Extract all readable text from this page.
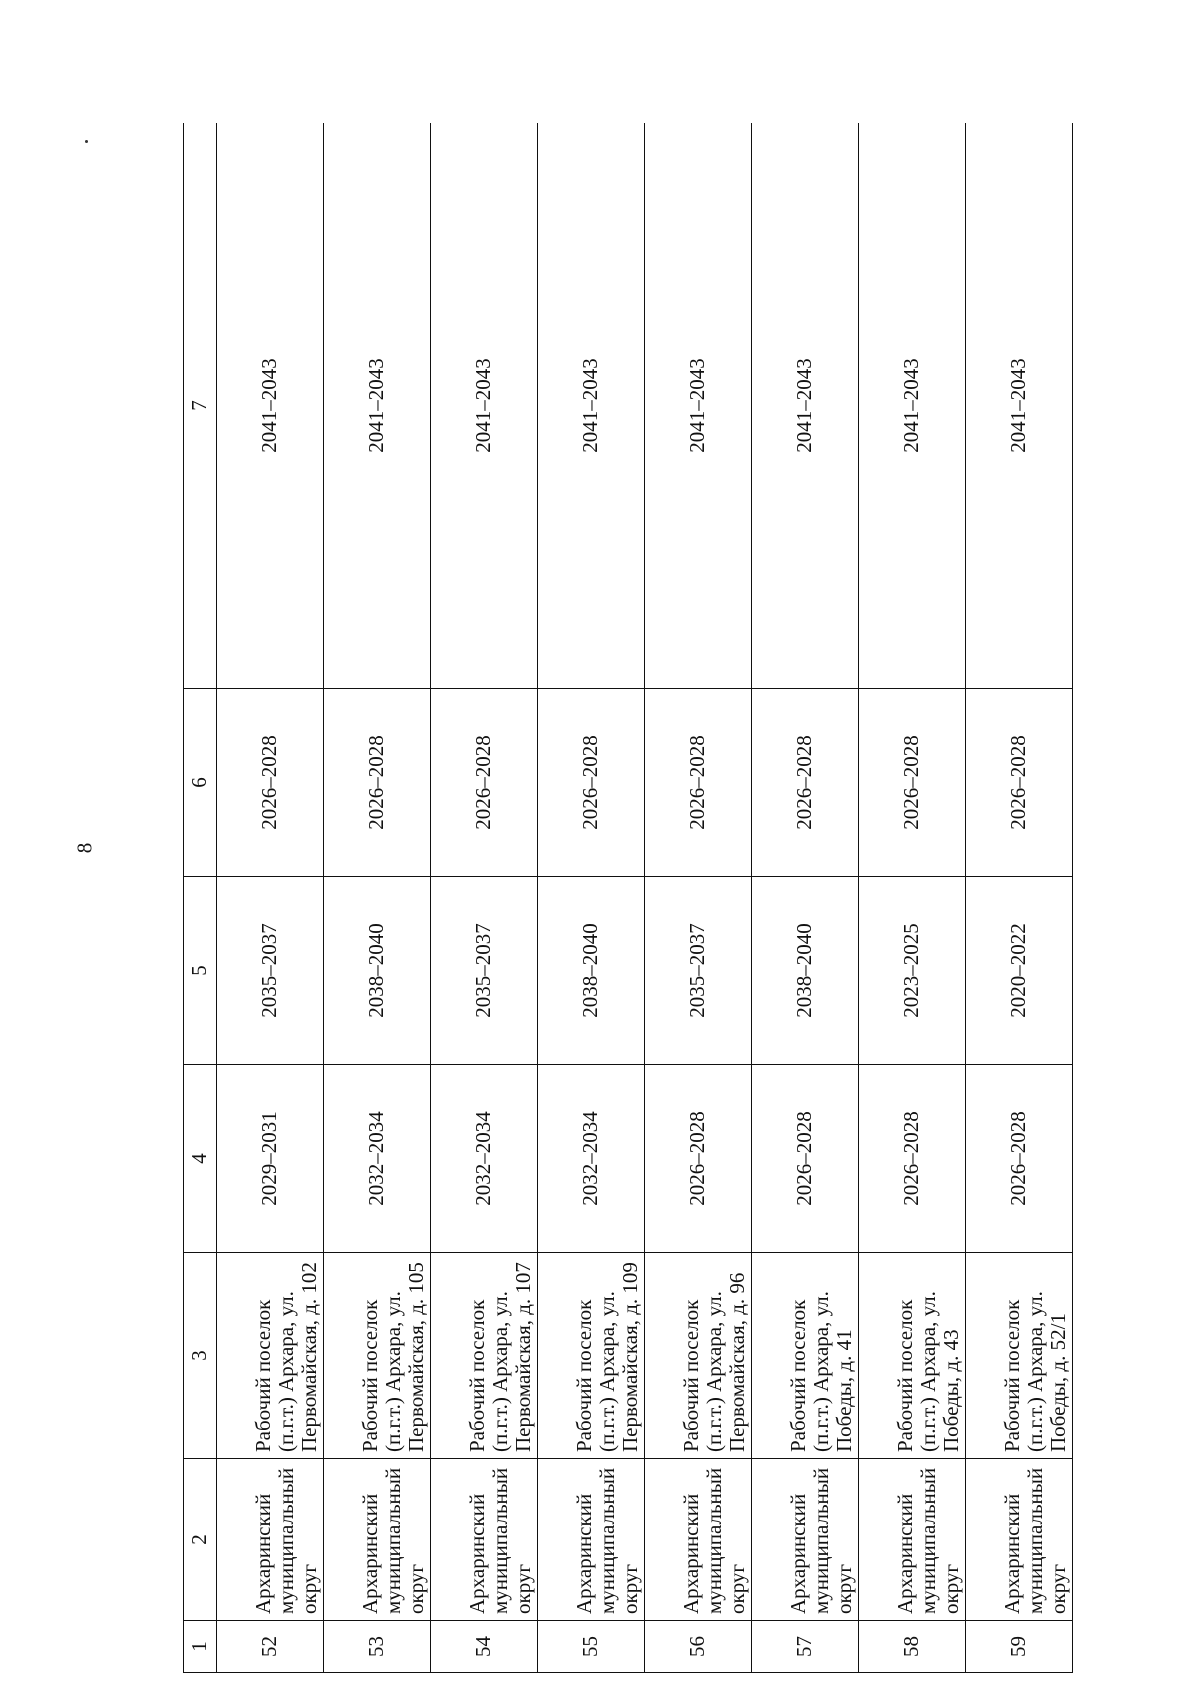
8
1	2	3	4	5	6	7
52	Архаринский муниципальный округ	Рабочий поселок (п.г.т.) Архара, ул. Первомайская, д. 102	2029–2031	2035–2037	2026–2028	2041–2043
53	Архаринский муниципальный округ	Рабочий поселок (п.г.т.) Архара, ул. Первомайская, д. 105	2032–2034	2038–2040	2026–2028	2041–2043
54	Архаринский муниципальный округ	Рабочий поселок (п.г.т.) Архара, ул. Первомайская, д. 107	2032–2034	2035–2037	2026–2028	2041–2043
55	Архаринский муниципальный округ	Рабочий поселок (п.г.т.) Архара, ул. Первомайская, д. 109	2032–2034	2038–2040	2026–2028	2041–2043
56	Архаринский муниципальный округ	Рабочий поселок (п.г.т.) Архара, ул. Первомайская, д. 96	2026–2028	2035–2037	2026–2028	2041–2043
57	Архаринский муниципальный округ	Рабочий поселок (п.г.т.) Архара, ул. Победы, д. 41	2026–2028	2038–2040	2026–2028	2041–2043
58	Архаринский муниципальный округ	Рабочий поселок (п.г.т.) Архара, ул. Победы, д. 43	2026–2028	2023–2025	2026–2028	2041–2043
59	Архаринский муниципальный округ	Рабочий поселок (п.г.т.) Архара, ул. Победы, д. 52/1	2026–2028	2020–2022	2026–2028	2041–2043
